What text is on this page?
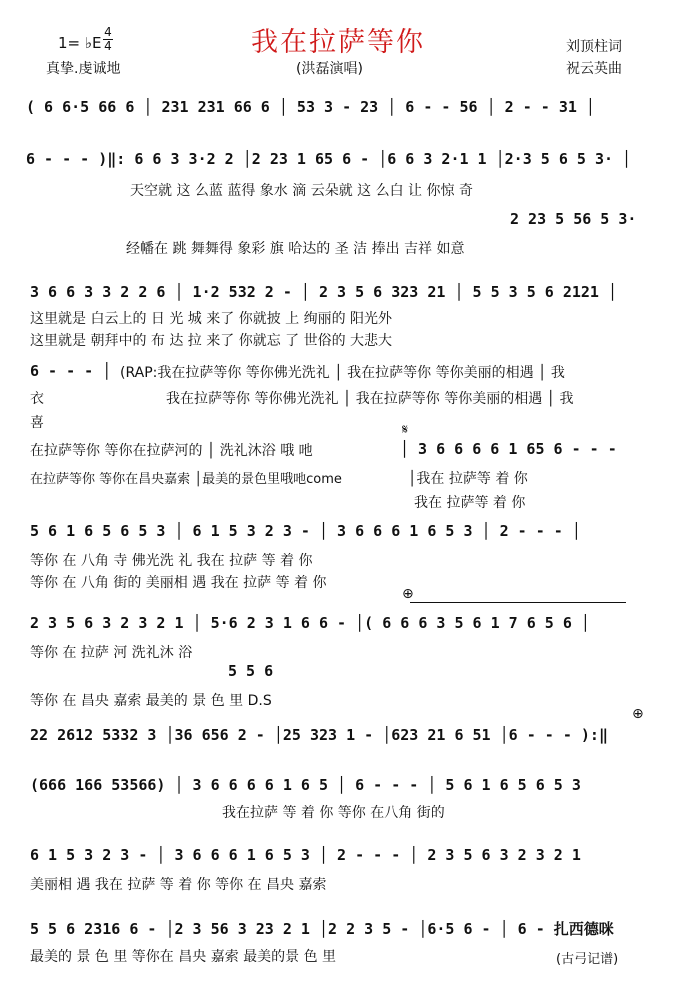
1= ♭E
4
4	我在拉萨等你
(洪磊演唱)
真挚.虔诚地
刘顶柱词
祝云英曲
( 6 6·5 66 6 │ 231 231 66 6 │ 53 3 - 23 │ 6 - - 56 │ 2 - - 31 │
6 - - - )‖: 6 6 3 3·2 2 │2 23 1 65 6 - │6 6 3 2·1 1 │2·3 5 6 5 3· │
天空就 这 么蓝 蓝得 象水 滴 云朵就 这 么白 让 你惊 奇
2 23 5 56 5 3·
经幡在 跳 舞舞得 象彩 旗 哈达的 圣 洁 捧出 吉祥 如意
3 6 6 3 3 2 2 6 │ 1·2 532 2 - │ 2 3 5 6 323 21 │ 5 5 3 5 6 2121 │
这里就是 白云上的 日 光 城 来了 你就披 上 绚丽的 阳光外
这里就是 朝拜中的 布 达 拉 来了 你就忘 了 世俗的 大悲大
6 - - - │
衣
喜
(RAP:我在拉萨等你 等你佛光洗礼 │ 我在拉萨等你 等你美丽的相遇 │ 我
我在拉萨等你 等你佛光洗礼 │ 我在拉萨等你 等你美丽的相遇 │ 我
在拉萨等你 等你在拉萨河的 │ 洗礼沐浴 哦 吔
在拉萨等你 等你在昌央嘉索 │最美的景色里哦吔come
𝄋
│ 3 6 6 6 6 1 65 6 - - -
│我在 拉萨等 着 你
我在 拉萨等 着 你
5 6 1 6 5 6 5 3 │ 6 1 5 3 2 3 - │ 3 6 6 6 1 6 5 3 │ 2 - - - │
等你 在 八角 寺 佛光洗 礼 我在 拉萨 等 着 你
等你 在 八角 街的 美丽相 遇 我在 拉萨 等 着 你
⊕
2 3 5 6 3 2 3 2 1 │ 5·6 2 3 1 6 6 - │( 6 6 6 3 5 6 1 7 6 5 6 │
等你 在 拉萨 河 洗礼沐 浴
5 5 6
等你 在 昌央 嘉索 最美的 景 色 里 D.S
⊕
22 2612 5332 3 │36 656 2 - │25 323 1 - │623 21 6 51 │6 - - - ):‖
(666 166 53566) │ 3 6 6 6 6 1 6 5 │ 6 - - - │ 5 6 1 6 5 6 5 3
我在拉萨 等 着 你 等你 在八角 街的
6 1 5 3 2 3 - │ 3 6 6 6 1 6 5 3 │ 2 - - - │ 2 3 5 6 3 2 3 2 1
美丽相 遇 我在 拉萨 等 着 你 等你 在 昌央 嘉索
5 5 6 2316 6 - │2 3 56 3 23 2 1 │2 2 3 5 - │6·5 6 - │ 6 - 扎西德咪
最美的 景 色 里 等你在 昌央 嘉索 最美的景 色 里	(古弓记谱)
